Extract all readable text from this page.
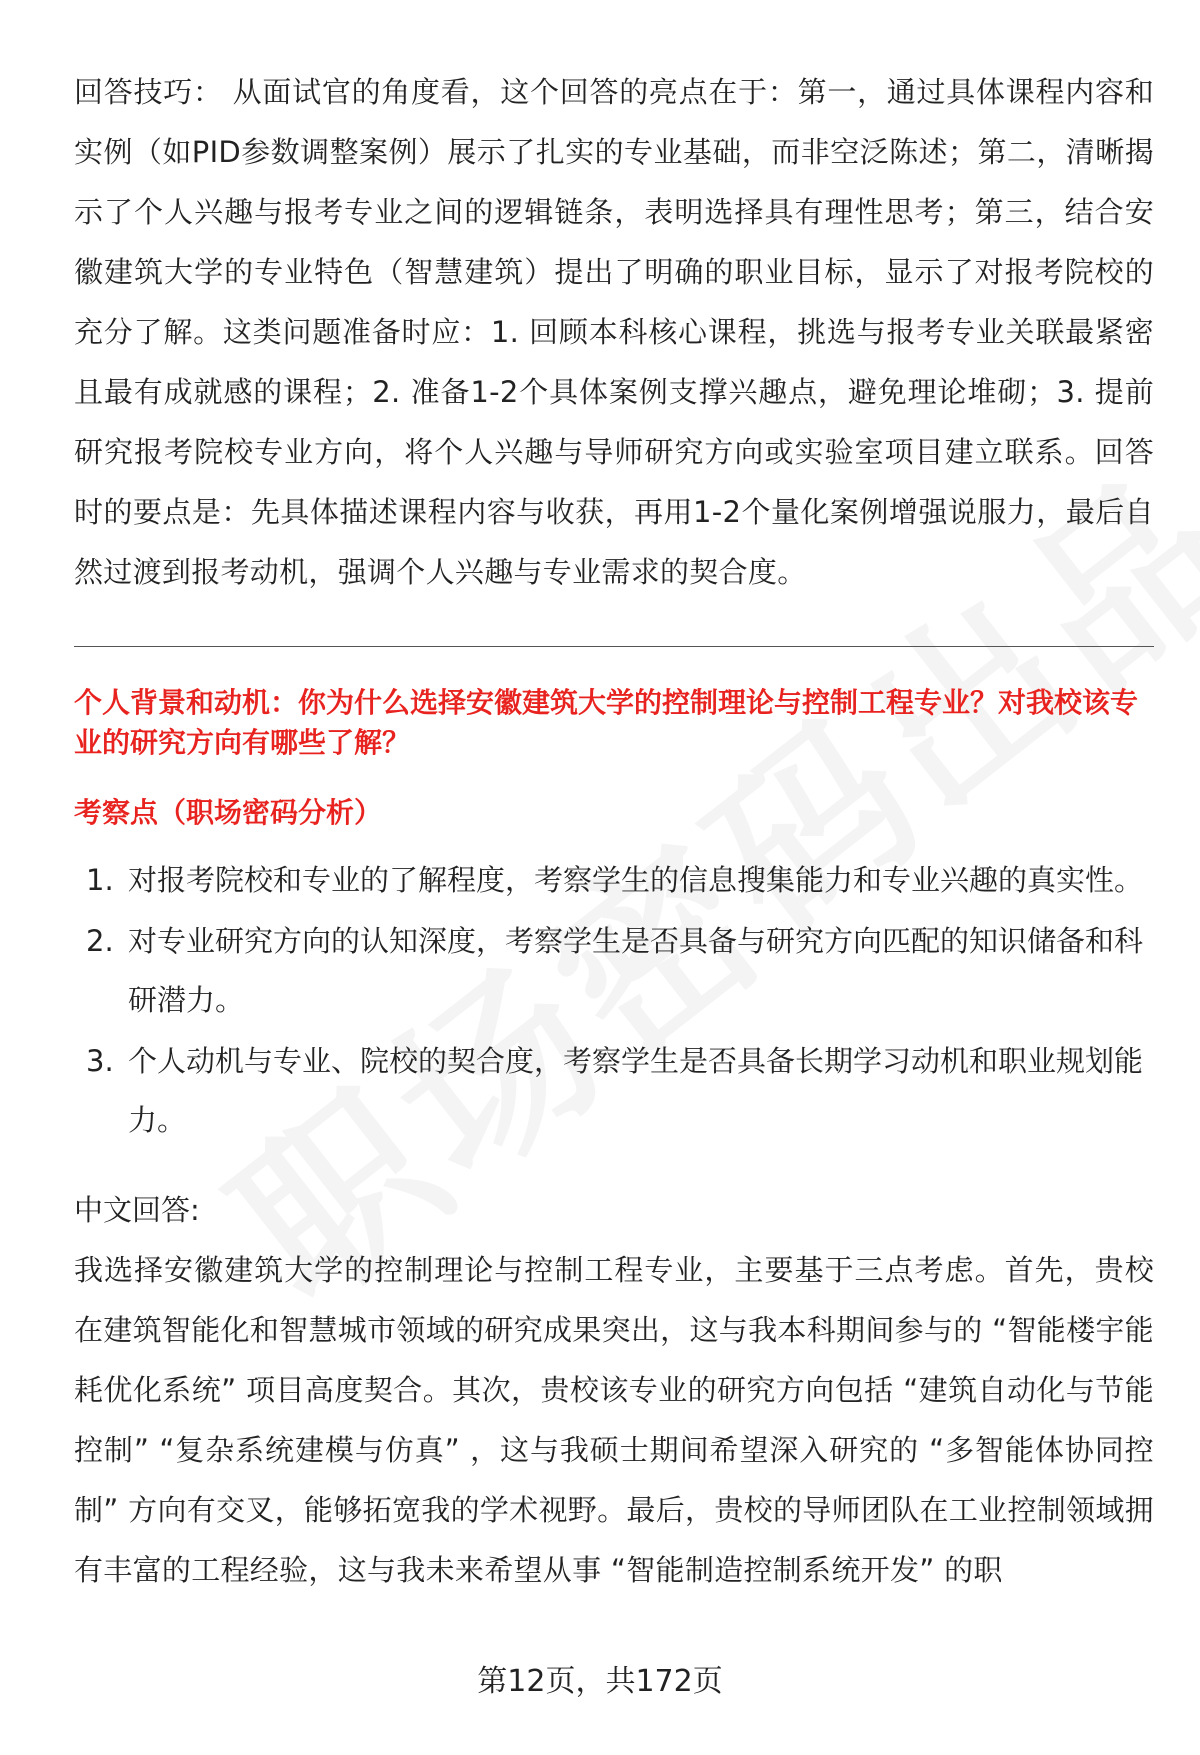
回答技巧： 从面试官的角度看，这个回答的亮点在于：第一，通过具体课程内容和实例（如PID参数调整案例）展示了扎实的专业基础，而非空泛陈述；第二，清晰揭示了个人兴趣与报考专业之间的逻辑链条，表明选择具有理性思考；第三，结合安徽建筑大学的专业特色（智慧建筑）提出了明确的职业目标，显示了对报考院校的充分了解。这类问题准备时应：1. 回顾本科核心课程，挑选与报考专业关联最紧密且最有成就感的课程；2. 准备1-2个具体案例支撑兴趣点，避免理论堆砌；3. 提前研究报考院校专业方向，将个人兴趣与导师研究方向或实验室项目建立联系。回答时的要点是：先具体描述课程内容与收获，再用1-2个量化案例增强说服力，最后自然过渡到报考动机，强调个人兴趣与专业需求的契合度。

个人背景和动机：你为什么选择安徽建筑大学的控制理论与控制工程专业？对我校该专业的研究方向有哪些了解？

考察点（职场密码分析）

1. 对报考院校和专业的了解程度，考察学生的信息搜集能力和专业兴趣的真实性。
2. 对专业研究方向的认知深度，考察学生是否具备与研究方向匹配的知识储备和科研潜力。
3. 个人动机与专业、院校的契合度，考察学生是否具备长期学习动机和职业规划能力。

中文回答:

我选择安徽建筑大学的控制理论与控制工程专业，主要基于三点考虑。首先，贵校在建筑智能化和智慧城市领域的研究成果突出，这与我本科期间参与的 “智能楼宇能耗优化系统” 项目高度契合。其次，贵校该专业的研究方向包括 “建筑自动化与节能控制” “复杂系统建模与仿真” ，这与我硕士期间希望深入研究的 “多智能体协同控制” 方向有交叉，能够拓宽我的学术视野。最后，贵校的导师团队在工业控制领域拥有丰富的工程经验，这与我未来希望从事 “智能制造控制系统开发” 的职

第12页，共172页
